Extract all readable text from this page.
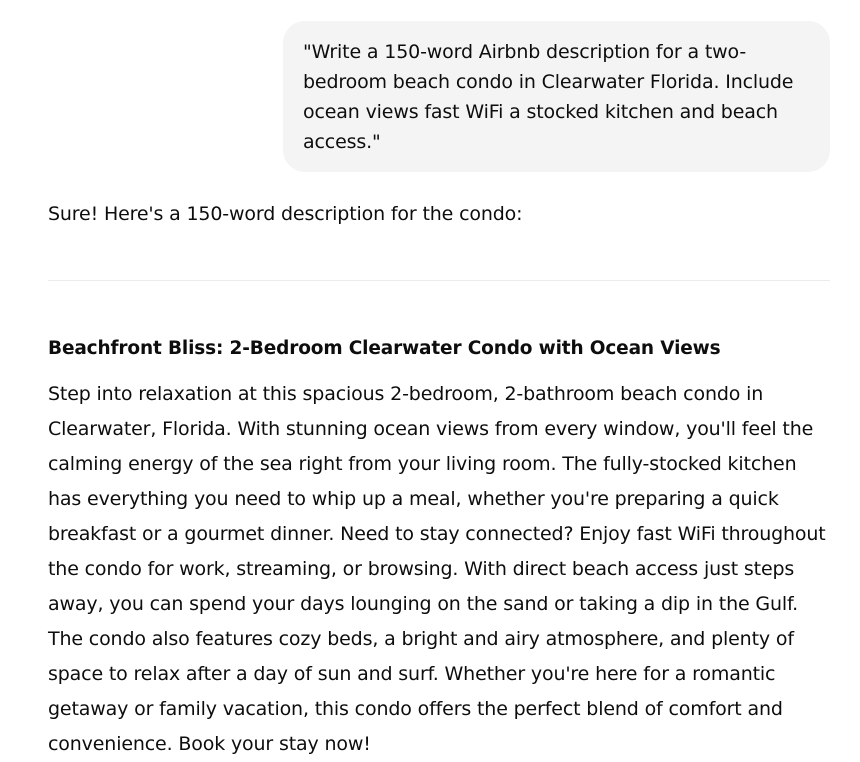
"Write a 150-word Airbnb description for a two-bedroom beach condo in Clearwater Florida. Include ocean views fast WiFi a stocked kitchen and beach access."

Sure! Here's a 150-word description for the condo:

Beachfront Bliss: 2-Bedroom Clearwater Condo with Ocean Views

Step into relaxation at this spacious 2-bedroom, 2-bathroom beach condo in Clearwater, Florida. With stunning ocean views from every window, you'll feel the calming energy of the sea right from your living room. The fully-stocked kitchen has everything you need to whip up a meal, whether you're preparing a quick breakfast or a gourmet dinner. Need to stay connected? Enjoy fast WiFi throughout the condo for work, streaming, or browsing. With direct beach access just steps away, you can spend your days lounging on the sand or taking a dip in the Gulf. The condo also features cozy beds, a bright and airy atmosphere, and plenty of space to relax after a day of sun and surf. Whether you're here for a romantic getaway or family vacation, this condo offers the perfect blend of comfort and convenience. Book your stay now!
